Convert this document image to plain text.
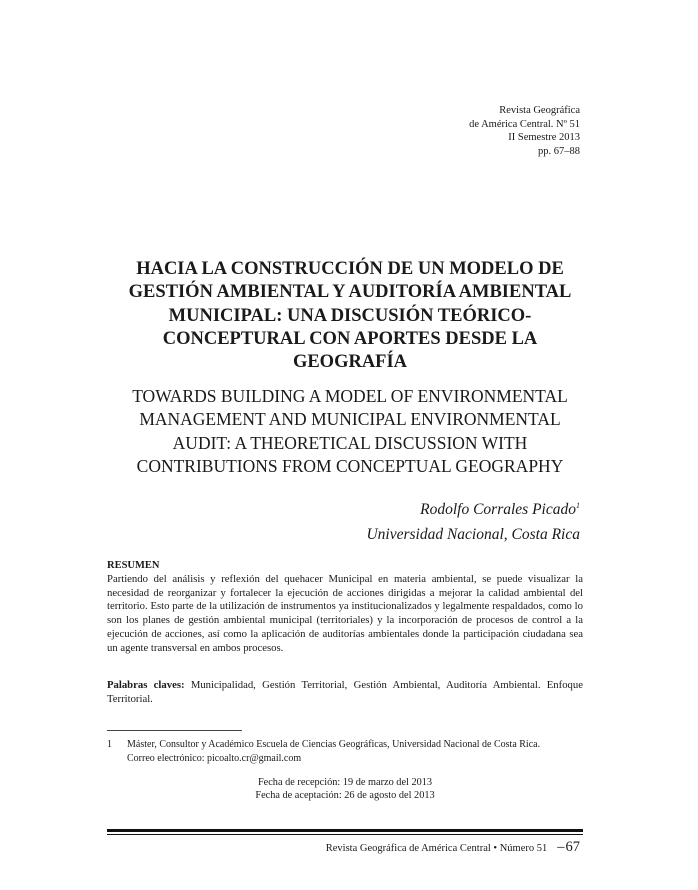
Revista Geográfica
de América Central. Nº 51
II Semestre 2013
pp. 67–88
HACIA LA CONSTRUCCIÓN DE UN MODELO DE
GESTIÓN AMBIENTAL Y AUDITORÍA AMBIENTAL
MUNICIPAL: UNA DISCUSIÓN TEÓRICO-
CONCEPTURAL CON APORTES DESDE LA
GEOGRAFÍA
TOWARDS BUILDING A MODEL OF ENVIRONMENTAL
MANAGEMENT AND MUNICIPAL ENVIRONMENTAL
AUDIT: A THEORETICAL DISCUSSION WITH
CONTRIBUTIONS FROM CONCEPTUAL GEOGRAPHY
Rodolfo Corrales Picado$^1$
Universidad Nacional, Costa Rica
RESUMEN
Partiendo del análisis y reflexión del quehacer Municipal en materia ambiental, se puede visualizar la necesidad de reorganizar y fortalecer la ejecución de acciones dirigidas a mejorar la calidad ambiental del territorio. Esto parte de la utilización de instrumentos ya institucionalizados y legalmente respaldados, como lo son los planes de gestión ambiental municipal (territoriales) y la incorporación de procesos de control a la ejecución de acciones, así como la aplicación de auditorías ambientales donde la participación ciudadana sea un agente transversal en ambos procesos.
Palabras claves: Municipalidad, Gestión Territorial, Gestión Ambiental, Auditoría Ambiental. Enfoque Territorial.
1 Máster, Consultor y Académico Escuela de Ciencias Geográficas, Universidad Nacional de Costa Rica.
Correo electrónico: picoalto.cr@gmail.com
Fecha de recepción: 19 de marzo del 2013
Fecha de aceptación: 26 de agosto del 2013
Revista Geográfica de América Central • Número 51 –67
